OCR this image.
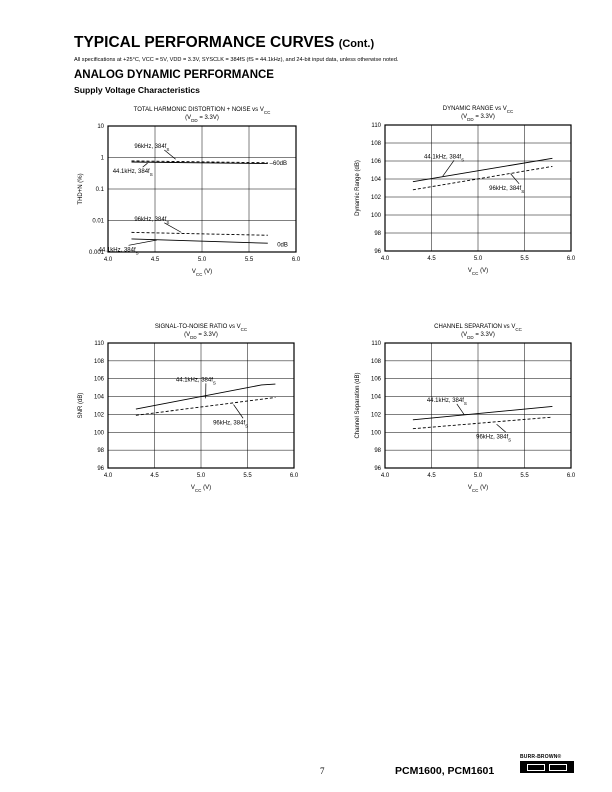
TYPICAL PERFORMANCE CURVES (Cont.)
All specifications at +25°C, VCC = 5V, VDD = 3.3V, SYSCLK = 384fS (fS = 44.1kHz), and 24-bit input data, unless otherwise noted.
ANALOG DYNAMIC PERFORMANCE
Supply Voltage Characteristics
TOTAL HARMONIC DISTORTION + NOISE vs $V_{CC}$
$(V_{DD} = 3.3V)$
4.0	4.5	5.0	5.5	6.0
0.001
0.01
0.1
1
10
$V_{CC}$ (V)
THD+N (%)
96kHz, $384f_S$
44.1kHz, $384f_S$
–60dB
96kHz, $384f_S$
0dB
44.1kHz, $384f_S$
DYNAMIC RANGE vs $V_{CC}$
$(V_{DD} = 3.3V)$
4.0	4.5	5.0	5.5	6.0
96
98
100
102
104
106
108
110
$V_{CC}$ (V)
Dynamic Range (dB)
44.1kHz, $384f_S$
96kHz, $384f_S$
SIGNAL-TO-NOISE RATIO vs $V_{CC}$
$(V_{DD} = 3.3V)$
4.0	4.5	5.0	5.5	6.0
96
98
100
102
104
106
108
110
$V_{CC}$ (V)
SNR (dB)
44.1kHz, $384f_S$
96kHz, $384f_S$
CHANNEL SEPARATION vs $V_{CC}$
$(V_{DD} = 3.3V)$
4.0	4.5	5.0	5.5	6.0
96
98
100
102
104
106
108
110
$V_{CC}$ (V)
Channel Separation (dB)	44.1kHz, $384f_S$
96kHz, $384f_S$
7	PCM1600, PCM1601
BURR-BROWN®
